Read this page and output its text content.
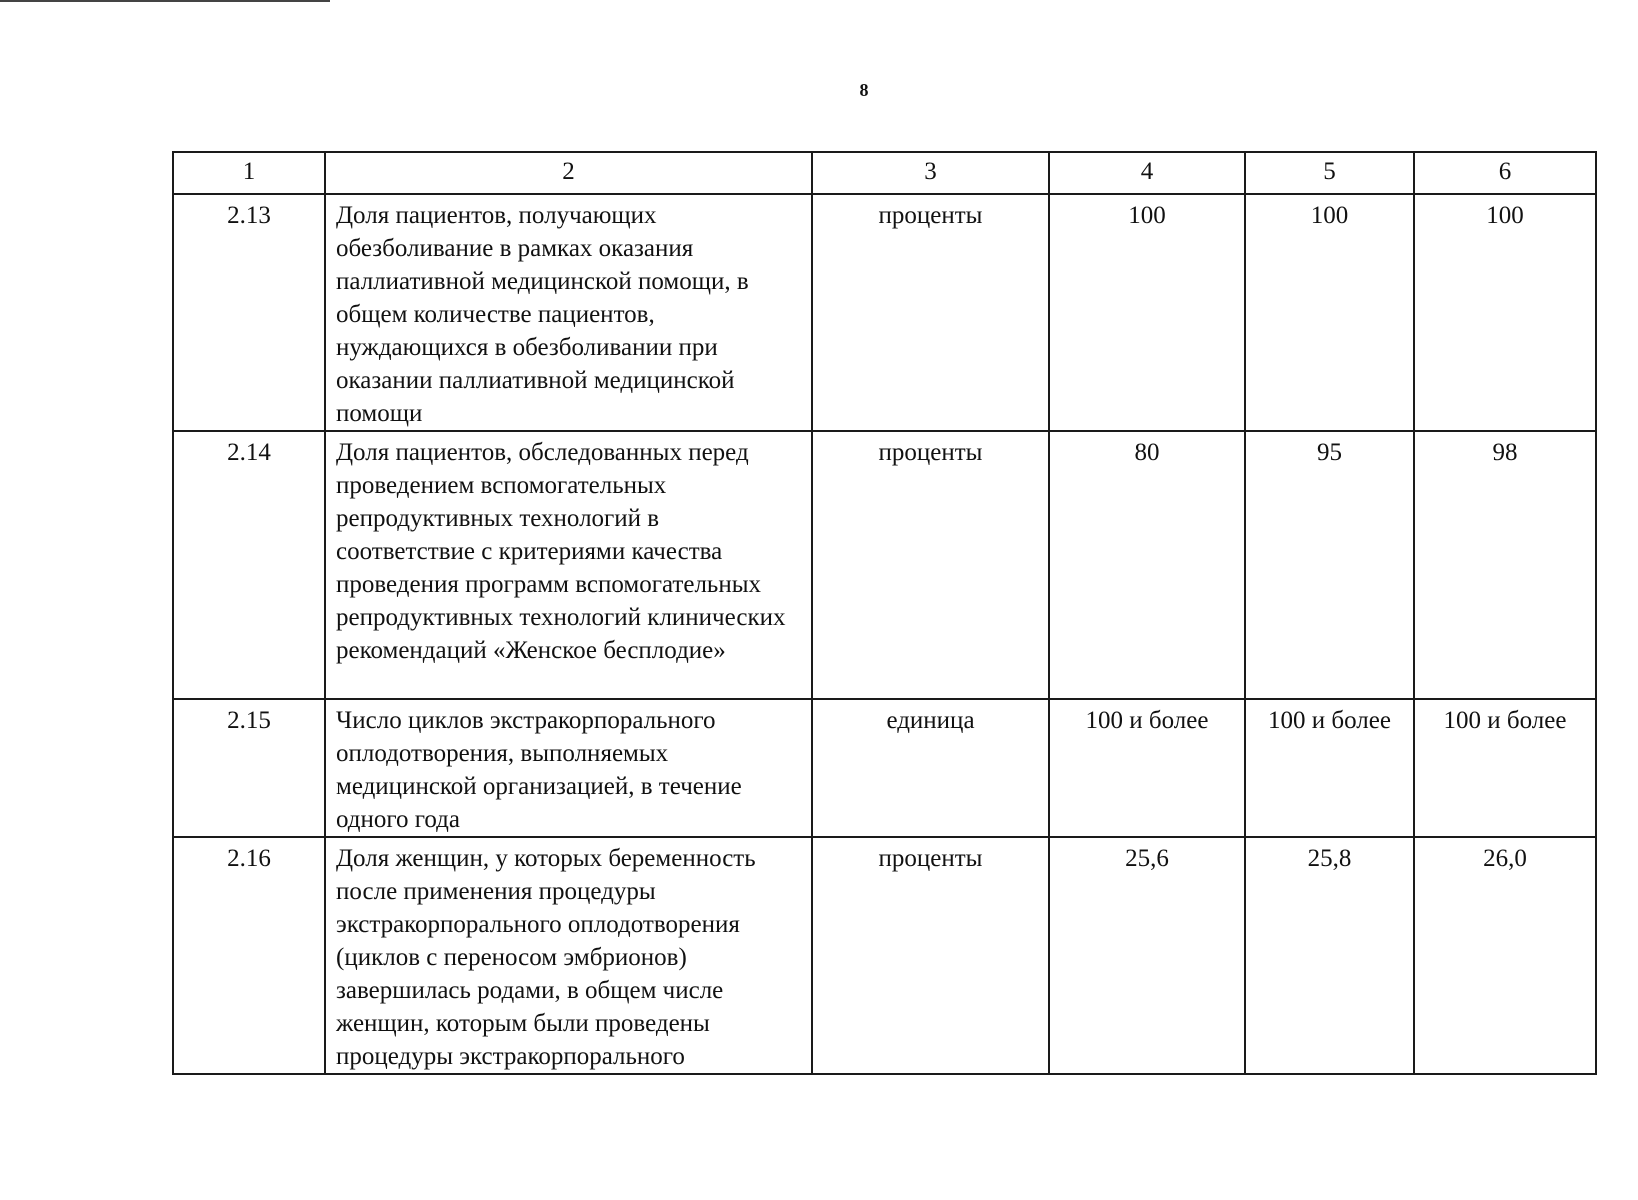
8
1	2	3	4	5	6
2.13	Доля пациентов, получающих обезболивание в рамках оказания паллиативной медицинской помощи, в общем количестве пациентов, нуждающихся в обезболивании при оказании паллиативной медицинской помощи	проценты	100	100	100
2.14	Доля пациентов, обследованных перед проведением вспомогательных репродуктивных технологий в соответствие с критериями качества проведения программ вспомогательных репродуктивных технологий клинических рекомендаций «Женское бесплодие»	проценты	80	95	98
2.15	Число циклов экстракорпорального оплодотворения, выполняемых медицинской организацией, в течение одного года	единица	100 и более	100 и более	100 и более
2.16	Доля женщин, у которых беременность после применения процедуры экстракорпорального оплодотворения (циклов с переносом эмбрионов) завершилась родами, в общем числе женщин, которым были проведены процедуры экстракорпорального	проценты	25,6	25,8	26,0
